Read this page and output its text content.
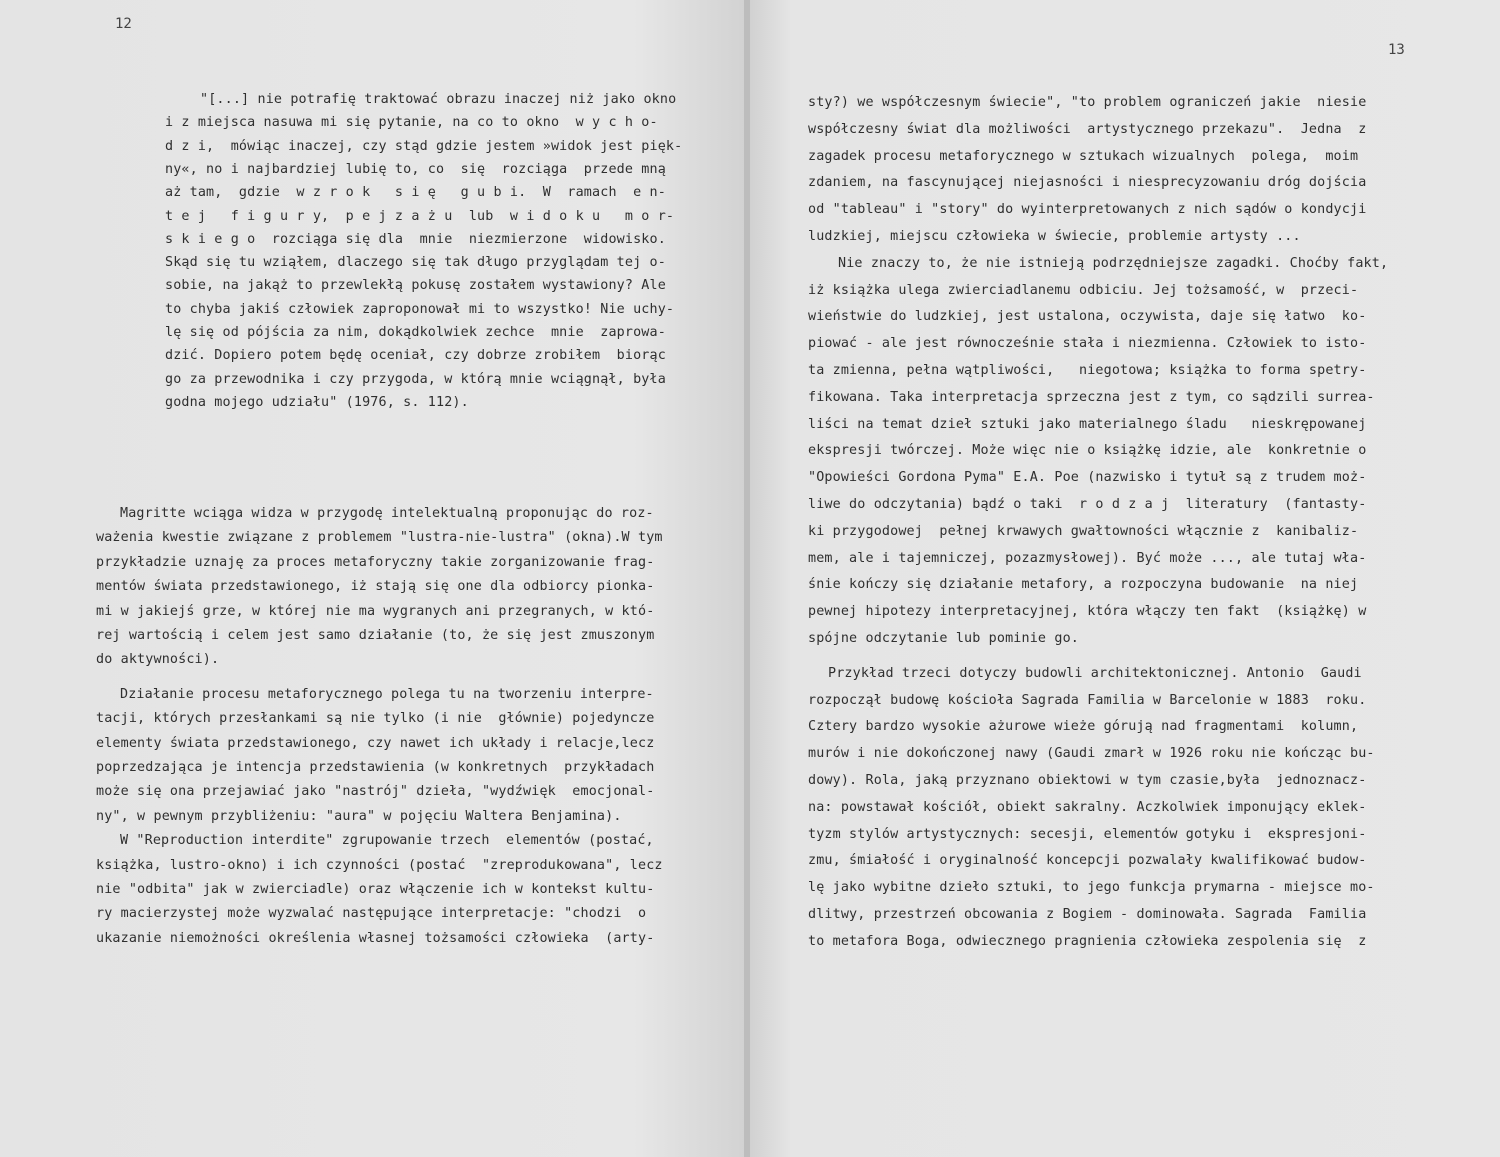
12
"[...] nie potrafię traktować obrazu inaczej niż jako okno
i z miejsca nasuwa mi się pytanie, na co to okno  w y c h o-
d z i,  mówiąc inaczej, czy stąd gdzie jestem »widok jest pięk-
ny«, no i najbardziej lubię to, co  się  rozciąga  przede mną
aż tam,  gdzie  w z r o k   s i ę   g u b i.  W  ramach  e n-
t e j   f i g u r y,  p e j z a ż u  lub  w i d o k u   m o r-
s k i e g o  rozciąga się dla  mnie  niezmierzone  widowisko.
Skąd się tu wziąłem, dlaczego się tak długo przyglądam tej o-
sobie, na jakąż to przewlekłą pokusę zostałem wystawiony? Ale
to chyba jakiś człowiek zaproponował mi to wszystko! Nie uchy-
lę się od pójścia za nim, dokądkolwiek zechce  mnie  zaprowa-
dzić. Dopiero potem będę oceniał, czy dobrze zrobiłem  biorąc
go za przewodnika i czy przygoda, w którą mnie wciągnął, była
godna mojego udziału" (1976, s. 112).
Magritte wciąga widza w przygodę intelektualną proponując do roz-
ważenia kwestie związane z problemem "lustra-nie-lustra" (okna).W tym
przykładzie uznaję za proces metaforyczny takie zorganizowanie frag-
mentów świata przedstawionego, iż stają się one dla odbiorcy pionka-
mi w jakiejś grze, w której nie ma wygranych ani przegranych, w któ-
rej wartością i celem jest samo działanie (to, że się jest zmuszonym
do aktywności).
Działanie procesu metaforycznego polega tu na tworzeniu interpre-
tacji, których przesłankami są nie tylko (i nie  głównie) pojedyncze
elementy świata przedstawionego, czy nawet ich układy i relacje,lecz
poprzedzająca je intencja przedstawienia (w konkretnych  przykładach
może się ona przejawiać jako "nastrój" dzieła, "wydźwięk  emocjonal-
ny", w pewnym przybliżeniu: "aura" w pojęciu Waltera Benjamina).
W "Reproduction interdite" zgrupowanie trzech  elementów (postać,
książka, lustro-okno) i ich czynności (postać  "zreprodukowana", lecz
nie "odbita" jak w zwierciadle) oraz włączenie ich w kontekst kultu-
ry macierzystej może wyzwalać następujące interpretacje: "chodzi  o
ukazanie niemożności określenia własnej tożsamości człowieka  (arty-
13
sty?) we współczesnym świecie", "to problem ograniczeń jakie  niesie
współczesny świat dla możliwości  artystycznego przekazu".  Jedna  z
zagadek procesu metaforycznego w sztukach wizualnych  polega,  moim
zdaniem, na fascynującej niejasności i niesprecyzowaniu dróg dojścia
od "tableau" i "story" do wyinterpretowanych z nich sądów o kondycji
ludzkiej, miejscu człowieka w świecie, problemie artysty ...
Nie znaczy to, że nie istnieją podrzędniejsze zagadki. Choćby fakt,
iż książka ulega zwierciadlanemu odbiciu. Jej tożsamość, w  przeci-
wieństwie do ludzkiej, jest ustalona, oczywista, daje się łatwo  ko-
piować - ale jest równocześnie stała i niezmienna. Człowiek to isto-
ta zmienna, pełna wątpliwości,   niegotowa; książka to forma spetry-
fikowana. Taka interpretacja sprzeczna jest z tym, co sądzili surrea-
liści na temat dzieł sztuki jako materialnego śladu   nieskrępowanej
ekspresji twórczej. Może więc nie o książkę idzie, ale  konkretnie o
"Opowieści Gordona Pyma" E.A. Poe (nazwisko i tytuł są z trudem moż-
liwe do odczytania) bądź o taki  r o d z a j  literatury  (fantasty-
ki przygodowej  pełnej krwawych gwałtowności włącznie z  kanibaliz-
mem, ale i tajemniczej, pozazmysłowej). Być może ..., ale tutaj wła-
śnie kończy się działanie metafory, a rozpoczyna budowanie  na niej
pewnej hipotezy interpretacyjnej, która włączy ten fakt  (książkę) w
spójne odczytanie lub pominie go.
Przykład trzeci dotyczy budowli architektonicznej. Antonio  Gaudi
rozpoczął budowę kościoła Sagrada Familia w Barcelonie w 1883  roku.
Cztery bardzo wysokie ażurowe wieże górują nad fragmentami  kolumn,
murów i nie dokończonej nawy (Gaudi zmarł w 1926 roku nie kończąc bu-
dowy). Rola, jaką przyznano obiektowi w tym czasie,była  jednoznacz-
na: powstawał kościół, obiekt sakralny. Aczkolwiek imponujący eklek-
tyzm stylów artystycznych: secesji, elementów gotyku i  ekspresjoni-
zmu, śmiałość i oryginalność koncepcji pozwalały kwalifikować budow-
lę jako wybitne dzieło sztuki, to jego funkcja prymarna - miejsce mo-
dlitwy, przestrzeń obcowania z Bogiem - dominowała. Sagrada  Familia
to metafora Boga, odwiecznego pragnienia człowieka zespolenia się  z
